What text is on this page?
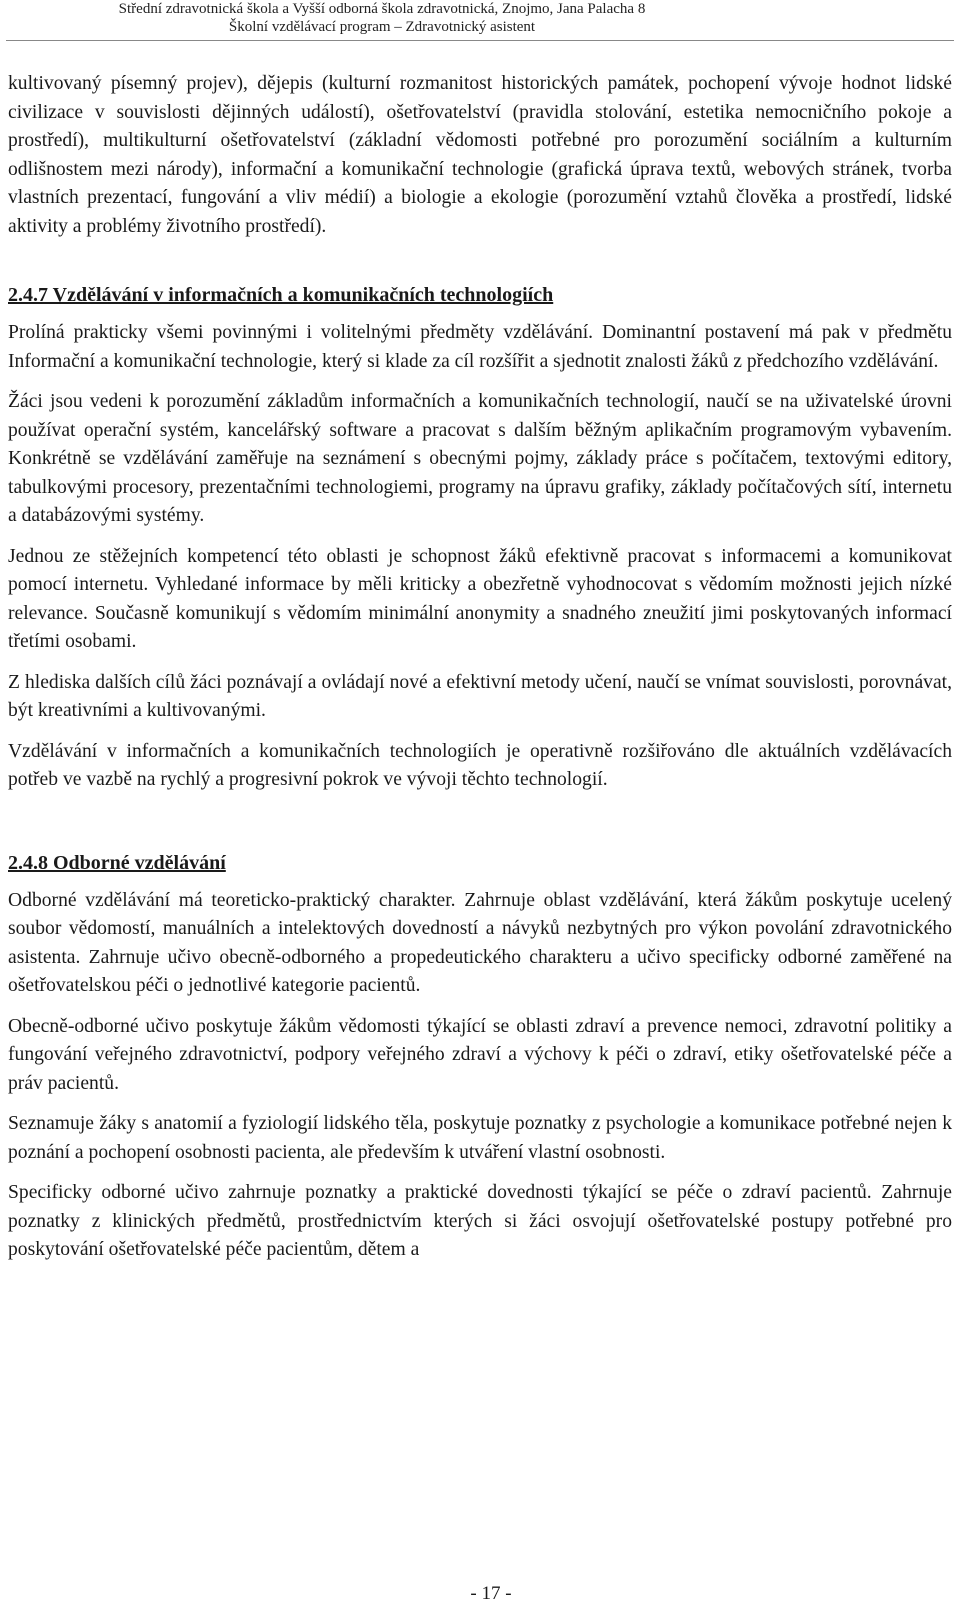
Střední zdravotnická škola a Vyšší odborná škola zdravotnická, Znojmo, Jana Palacha 8
Školní vzdělávací program – Zdravotnický asistent

kultivovaný písemný projev), dějepis (kulturní rozmanitost historických památek, pochopení vývoje hodnot lidské civilizace v souvislosti dějinných událostí), ošetřovatelství (pravidla stolování, estetika nemocničního pokoje a prostředí), multikulturní ošetřovatelství (základní vědomosti potřebné pro porozumění sociálním a kulturním odlišnostem mezi národy), informační a komunikační technologie (grafická úprava textů, webových stránek, tvorba vlastních prezentací, fungování a vliv médií) a biologie a ekologie (porozumění vztahů člověka a prostředí, lidské aktivity a problémy životního prostředí).

2.4.7 Vzdělávání v informačních a komunikačních technologiích

Prolíná prakticky všemi povinnými i volitelnými předměty vzdělávání. Dominantní postavení má pak v předmětu Informační a komunikační technologie, který si klade za cíl rozšířit a sjednotit znalosti žáků z předchozího vzdělávání.

Žáci jsou vedeni k porozumění základům informačních a komunikačních technologií, naučí se na uživatelské úrovni používat operační systém, kancelářský software a pracovat s dalším běžným aplikačním programovým vybavením. Konkrétně se vzdělávání zaměřuje na seznámení s obecnými pojmy, základy práce s počítačem, textovými editory, tabulkovými procesory, prezentačními technologiemi, programy na úpravu grafiky, základy počítačových sítí, internetu a databázovými systémy.

Jednou ze stěžejních kompetencí této oblasti je schopnost žáků efektivně pracovat s informacemi a komunikovat pomocí internetu. Vyhledané informace by měli kriticky a obezřetně vyhodnocovat s vědomím možnosti jejich nízké relevance. Současně komunikují s vědomím minimální anonymity a snadného zneužití jimi poskytovaných informací třetími osobami.

Z hlediska dalších cílů žáci poznávají a ovládají nové a efektivní metody učení, naučí se vnímat souvislosti, porovnávat, být kreativními a kultivovanými.

Vzdělávání v informačních a komunikačních technologiích je operativně rozšiřováno dle aktuálních vzdělávacích potřeb ve vazbě na rychlý a progresivní pokrok ve vývoji těchto technologií.

2.4.8 Odborné vzdělávání

Odborné vzdělávání má teoreticko-praktický charakter. Zahrnuje oblast vzdělávání, která žákům poskytuje ucelený soubor vědomostí, manuálních a intelektových dovedností a návyků nezbytných pro výkon povolání zdravotnického asistenta. Zahrnuje učivo obecně-odborného a propedeutického charakteru a učivo specificky odborné zaměřené na ošetřovatelskou péči o jednotlivé kategorie pacientů.

Obecně-odborné učivo poskytuje žákům vědomosti týkající se oblasti zdraví a prevence nemoci, zdravotní politiky a fungování veřejného zdravotnictví, podpory veřejného zdraví a výchovy k péči o zdraví, etiky ošetřovatelské péče a práv pacientů.

Seznamuje žáky s anatomií a fyziologií lidského těla, poskytuje poznatky z psychologie a komunikace potřebné nejen k poznání a pochopení osobnosti pacienta, ale především k utváření vlastní osobnosti.

Specificky odborné učivo zahrnuje poznatky a praktické dovednosti týkající se péče o zdraví pacientů. Zahrnuje poznatky z klinických předmětů, prostřednictvím kterých si žáci osvojují ošetřovatelské postupy potřebné pro poskytování ošetřovatelské péče pacientům, dětem a

- 17 -
